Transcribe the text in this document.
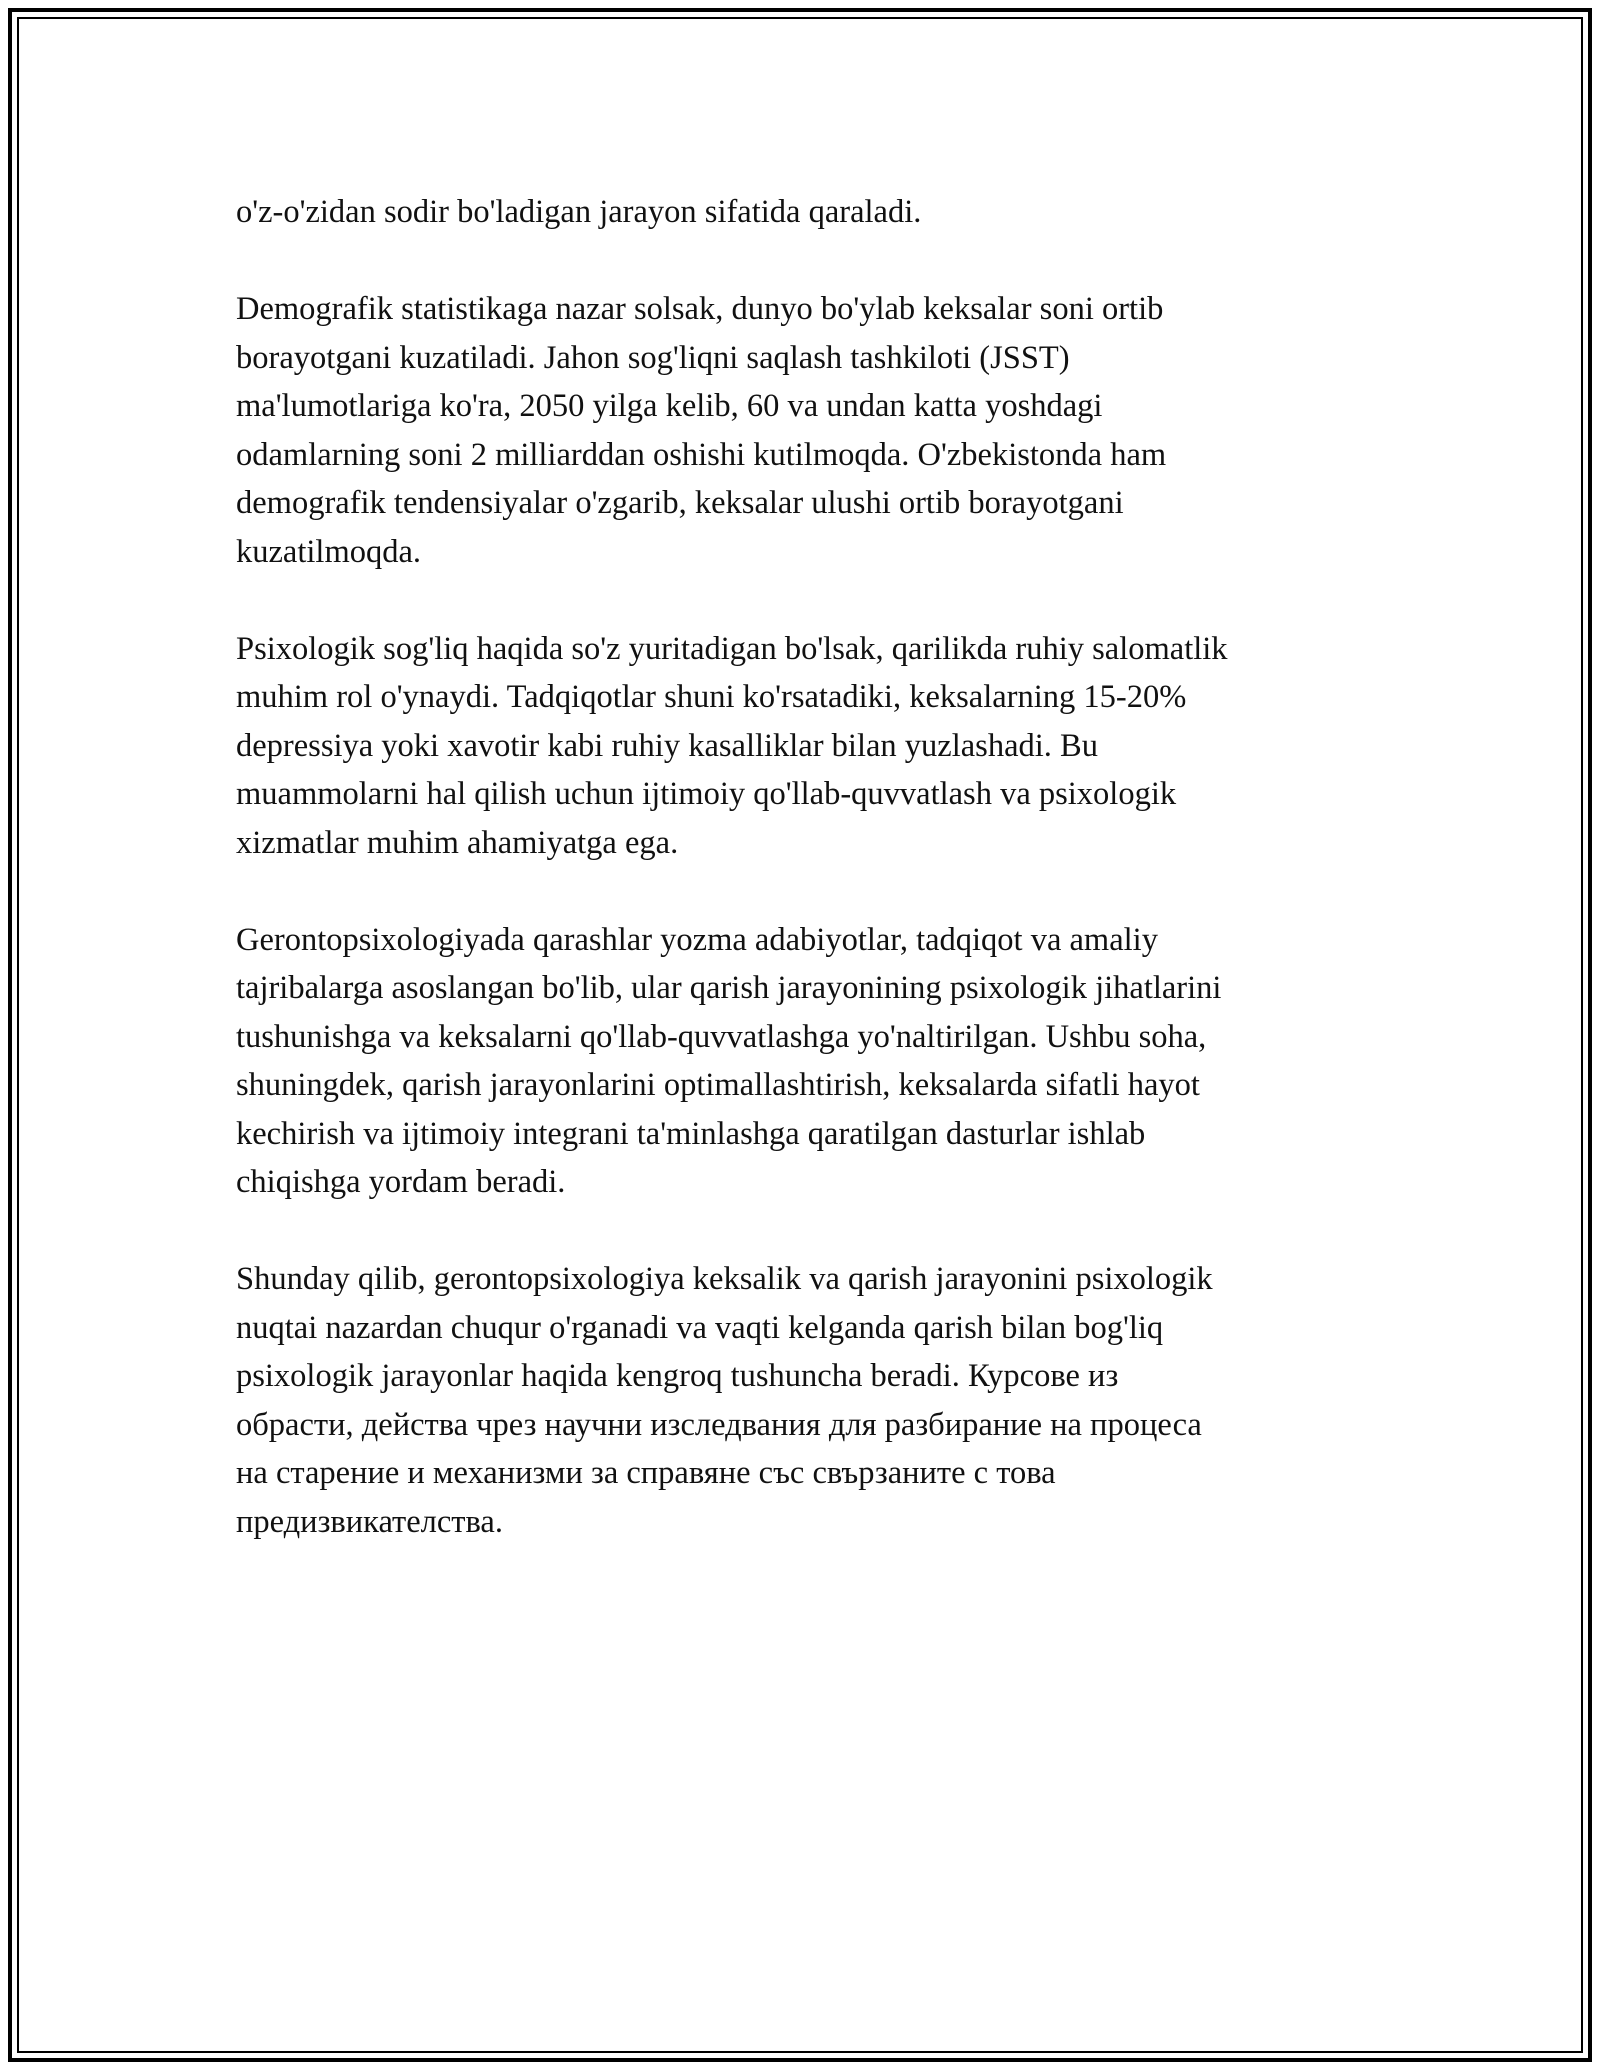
o'z-o'zidan sodir bo'ladigan jarayon sifatida qaraladi.

Demografik statistikaga nazar solsak, dunyo bo'ylab keksalar soni ortib
borayotgani kuzatiladi. Jahon sog'liqni saqlash tashkiloti (JSST)
ma'lumotlariga ko'ra, 2050 yilga kelib, 60 va undan katta yoshdagi
odamlarning soni 2 milliarddan oshishi kutilmoqda. O'zbekistonda ham
demografik tendensiyalar o'zgarib, keksalar ulushi ortib borayotgani
kuzatilmoqda.

Psixologik sog'liq haqida so'z yuritadigan bo'lsak, qarilikda ruhiy salomatlik
muhim rol o'ynaydi. Tadqiqotlar shuni ko'rsatadiki, keksalarning 15-20%
depressiya yoki xavotir kabi ruhiy kasalliklar bilan yuzlashadi. Bu
muammolarni hal qilish uchun ijtimoiy qo'llab-quvvatlash va psixologik
xizmatlar muhim ahamiyatga ega.

Gerontopsixologiyada qarashlar yozma adabiyotlar, tadqiqot va amaliy
tajribalarga asoslangan bo'lib, ular qarish jarayonining psixologik jihatlarini
tushunishga va keksalarni qo'llab-quvvatlashga yo'naltirilgan. Ushbu soha,
shuningdek, qarish jarayonlarini optimallashtirish, keksalarda sifatli hayot
kechirish va ijtimoiy integrani ta'minlashga qaratilgan dasturlar ishlab
chiqishga yordam beradi.

Shunday qilib, gerontopsixologiya keksalik va qarish jarayonini psixologik
nuqtai nazardan chuqur o'rganadi va vaqti kelganda qarish bilan bog'liq
psixologik jarayonlar haqida kengroq tushuncha beradi. Курсове из
обрасти, действа чрез научни изследвания для разбирание на процеса
на старение и механизми за справяне със свързаните с това
предизвикателства.
